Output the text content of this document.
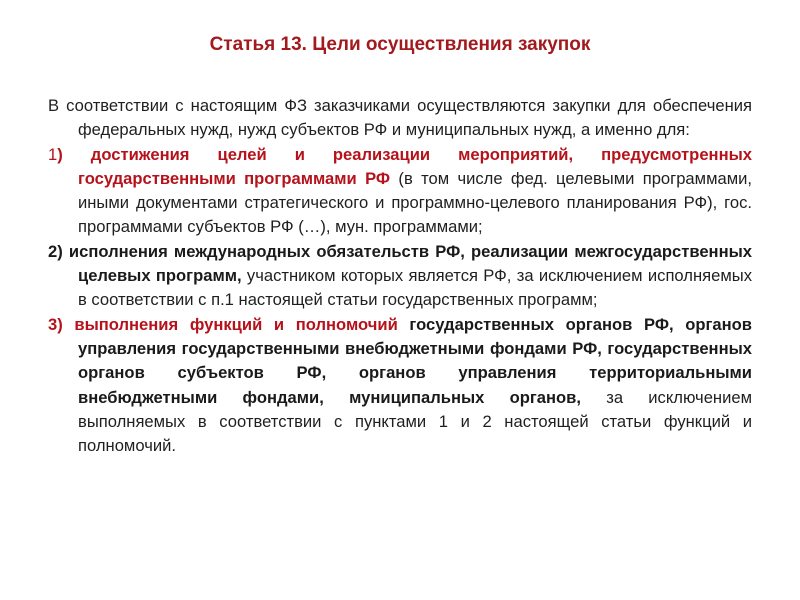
Статья 13. Цели осуществления закупок

В соответствии с настоящим ФЗ заказчиками осуществляются закупки для обеспечения федеральных нужд, нужд субъектов РФ и муниципальных нужд, а именно для:

1) достижения целей и реализации мероприятий, предусмотренных государственными программами РФ (в том числе фед. целевыми программами, иными документами стратегического и программно-целевого планирования РФ), гос. программами субъектов РФ (…), мун. программами;

2) исполнения международных обязательств РФ, реализации межгосударственных целевых программ, участником которых является РФ, за исключением исполняемых в соответствии с п.1 настоящей статьи государственных программ;

3) выполнения функций и полномочий государственных органов РФ, органов управления государственными внебюджетными фондами РФ, государственных органов субъектов РФ, органов управления территориальными внебюджетными фондами, муниципальных органов, за исключением выполняемых в соответствии с пунктами 1 и 2 настоящей статьи функций и полномочий.
